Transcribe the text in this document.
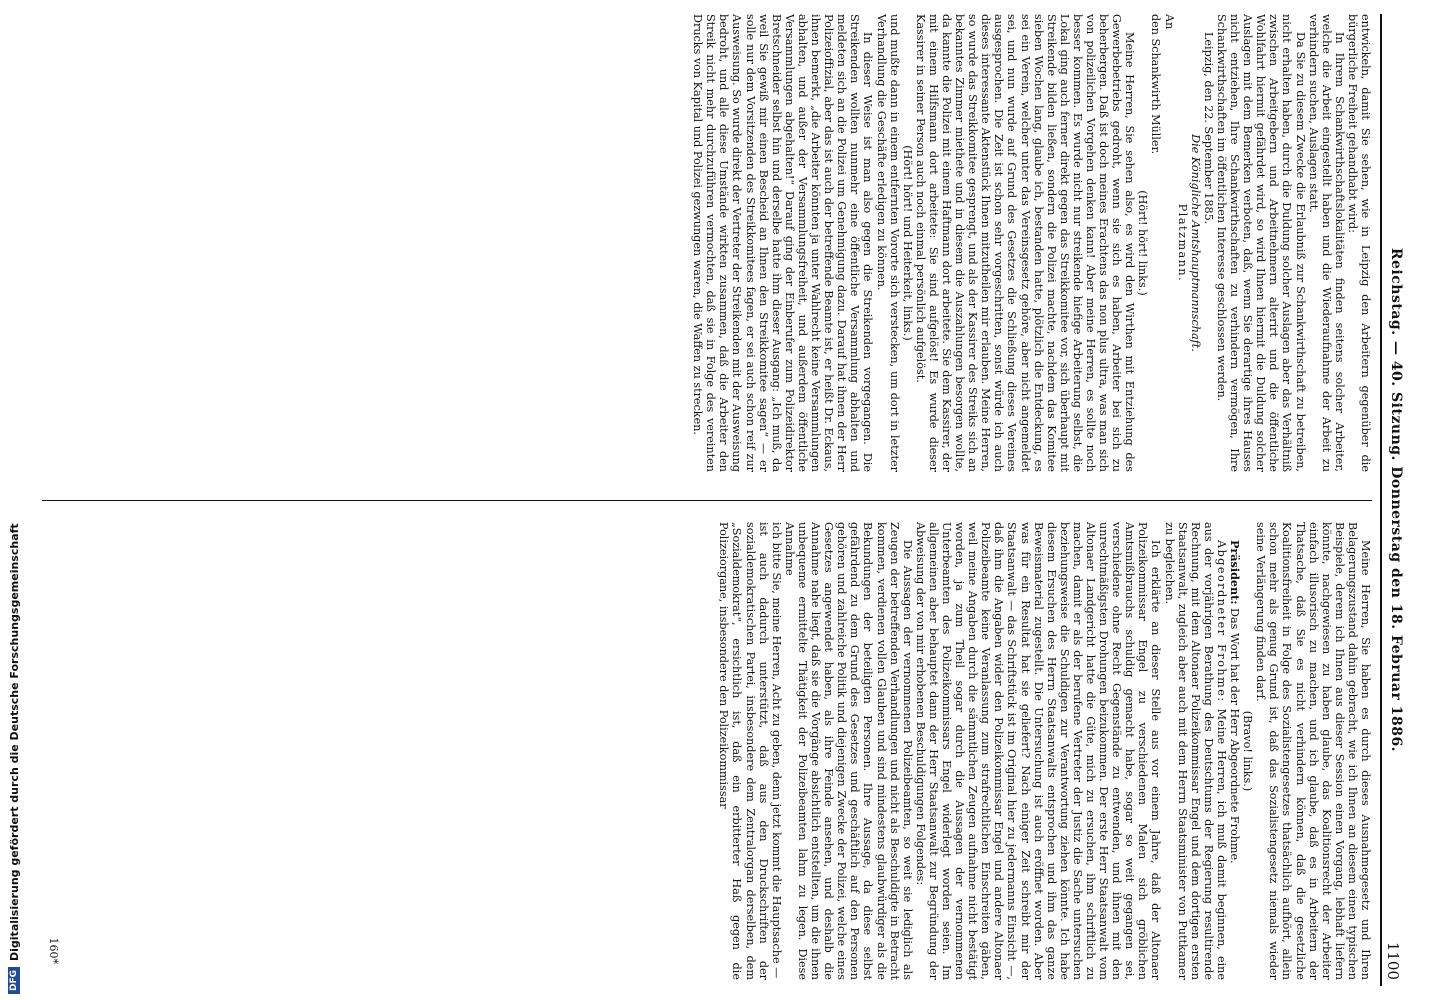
Reichstag. — 40. Sitzung. Donnerstag den 18. Februar 1886.
1100

entwickeln, damit Sie sehen, wie in Leipzig den Arbeitern gegenüber die bürgerliche Freiheit gehandhabt wird:

In Ihrem Schankwirthschaftslokalitäten finden seitens solcher Arbeiter, welche die Arbeit eingestellt haben und die Wiederaufnahme der Arbeit zu verhindern suchen, Auslagen statt.

Da Sie zu diesem Zwecke die Erlaubniß zur Schankwirthschaft zu betreiben, nicht erhalten haben, durch die Duldung solcher Auslagen aber das Verhältniß zwischen Arbeitgebern und Arbeitnehmern alterirt und die öffentliche Wohlfahrt hiermit gefährdet wird, so wird Ihnen hiermit die Duldung solcher Auslagen mit dem Bemerken verboten, daß, wenn Sie derartige ihres Hauses nicht entziehen, Ihre Schankwirthschaften zu verhindern vermögen, Ihre Schankwirthschaften im öffentlichen Interesse geschlossen werden.

Leipzig, den 22. September 1885.

Die Königliche Amtshauptmannschaft.

Platzmann.

An

den Schankwirth Müller.

(Hört! hört! links.)

Meine Herren, Sie sehen also, es wird den Wirthen mit Entziehung des Gewerbebetriebs gedroht, wenn sie sich es haben, Arbeiter bei sich zu beherbergen. Daß ist doch meines Erachtens das non plus ultra, was man sich von polizeilichen Vorgehen denken kann! Aber meine Herren, es sollte noch besser kommen. Es wurde nicht nur streikende hiefige Arbeiterung selbst, die Lokal ging auch ferner direkt gegen das Streikkomitee vor, sich überhaupt mit Streikende bilden ließen, sondern die Polizei machte, nachdem das Komitee sieben Wochen lang, glaube ich, bestanden hatte, plötzlich die Entdeckung, es sei ein Verein, welcher unter das Vereinsgesetz gehöre, aber nicht angemeldet sei, und nun wurde auf Grund des Gesetzes die Schließung dieses Vereines ausgesprochen. Die Zeit ist schon sehr vorgeschritten, sonst würde ich auch dieses interessante Aktenstück Ihnen mitzutheilen mir erlauben. Meine Herren, so wurde das Streikkomitee gesprengt, und als der Kassirer des Streiks sich an bekanntes Zimmer miethete und in diesem die Auszahlungen besorgen wollte, da kannte die Polizei mit einem Haftmann dort arbeitete. Sie dem Kassirer, der mit einem Hilfsmann dort arbeitete: Sie sind aufgelöst! Es wurde dieser Kassirer in seiner Person auch noch einmal persönlich aufgelöst.

(Hört! hört! und Heiterkeit, links.)

und mußte dann in einem entfernten Vororte sich verstecken, um dort in letzter Verhandlung die Geschäfte erledigen zu können.

In dieser Weise ist man also gegen die Streikenden vorgegangen. Die Streikenden wollten nunmehr eine öffentliche Versammlung abhalten und meldeten sich an die Polizei um Genehmigung dazu. Darauf hat ihnen der Herr Polizeioffizial, aber das ist auch der betreffende Beamte ist, er heißt Dr. Eckaus, ihnen bemerkt, „die Arbeiter könnten ja unter Wahlrecht keine Versammlungen abhalten, und außer der Versammlungsfreiheit, und außerdem öffentliche Versammlungen abgehalten!“ Darauf ging der Einberufer zum Polizeidirektor Bretschneider selbst hin und derselbe hatte ihm dieser Ausgang: „Ich muß, da weil Sie gewiß mir einen Bescheid an Ihnen den Streikkomitee sagen“ — er solle nur dem Vorsitzenden des Streikkomitees fagen, er sei auch schon reif zur Ausweisung. So wurde direkt der Vertreter der Streikenden mit der Ausweisung bedroht, und alle diese Umstände wirkten zusammen, daß die Arbeiter den Streik nicht mehr durchzuführen vermochten, daß sie in Folge des vereinten Drucks von Kapital und Polizei gezwungen waren, die Waffen zu strecken.

Meine Herren, Sie haben es durch dieses Ausnahmegesetz und Ihren Belagerungszustand dahin gebracht, wie ich Ihnen an diesem einen typischen Beispiele, derem ich Ihnen aus dieser Session einen Vorgang, lebhaft liefern könnte, nachgewiesen zu haben glaube, das Koalitionsrecht der Arbeiter einfach illusorisch zu machen, und ich glaube, daß es in Arbeitern der Thatsache, daß Sie es nicht verhindern können, daß die gesetzliche Koalitionsfreiheit in Folge des Sozialistengesetzes thatsächlich aufhört, allein schon mehr als genug Grund ist, daß das Sozialistengesetz niemals wieder seine Verlängerung finden darf.

(Bravo! links.)

Präsident: Das Wort hat der Herr Abgeordnete Frohme.

Abgeordneter Frohme: Meine Herren, ich muß damit beginnen, eine aus der vorjährigen Berathung des Deutschtums der Regierung resultirende Rechnung, mit dem Altonaer Polizeikommissar Engel und dem dortigen ersten Staatsanwalt, zugleich aber auch mit dem Herrn Staatsminister von Puttkamer zu begleichen.

Ich erklärte an dieser Stelle aus vor einem Jahre, daß der Altonaer Polizeikommissar Engel zu verschiedenen Malen sich gröblichen Amtsmißbrauchs schuldig gemacht habe, sogar so weit gegangen sei, verschiedene ohne Recht Gegenstände zu entwenden, und ihnen mit den unrechtmäßigsten Drohungen beizukommen. Der erste Herr Staatsanwalt vom Altonaer Landgericht hatte die Güte, mich zu ersuchen, ihm schriftlich zu machen, damit er als der berufene Vertreter der Justiz die Sache untersuchen beziehungsweise die Schuldigen zur Verantwortung ziehen könnte. Ich habe diesem Ersuchen des Herrn Staatsanwalts entsprochen und ihm das ganze Beweismaterial zugestellt. Die Untersuchung ist auch eröffnet worden. Aber was für ein Resultat hat sie geliefert? Nach einiger Zeit schreibt mir der Staatsanwalt — das Schriftstück ist im Original hier zu jedermanns Einsicht —, daß ihm die Angaben wider den Polizeikommissar Engel und andere Altonaer Polizeibeamte keine Veranlassung zum strafrechtlichen Einschreiten gäben, weil meine Angaben durch die sämmtlichen Zeugen aufnahme nicht bestätigt worden, ja zum Theil sogar durch die Aussagen der vernommenen Unterbeamten des Polizeikommissars Engel widerlegt worden seien. Im allgemeinen aber behauptet dann der Herr Staatsanwalt zur Begründung der Abweisung der von mir erhobenen Beschuldigungen Folgendes:

Die Aussagen der vernommenen Polizeibeamten, so weit sie lediglich als Zeugen der betreffenden Verhandlungen und nicht als Beschuldigte in Betracht kommen, verdienen vollen Glauben und sind mindestens glaubwürdiger als die Bekundungen der beteiligten Personen. Ihre Aussage, da diese selbst gefährdend zu dem Grund des Gesetzes und geschäftlich auf den Personen gehören und zahlreiche Politik und diejenigen Zwecke der Polizei, welche eines Gesetzes angewendet haben, als ihre Feinde ansehen, und deshalb die Annahme nahe liegt, daß sie die Vorgänge absichtlich entstellten, um die ihnen unbequeme ermittelte Thätigkeit der Polizeibeamten lahm zu legen. Diese Annahme

ich bitte Sie, meine Herren, Acht zu geben, denn jetzt kommt die Hauptsache —

ist auch dadurch unterstützt, daß aus den Druckschriften der sozialdemokratischen Partei, insbesondere dem Zentralorgan derselben, dem „Sozialdemokrat“, ersichtlich ist, daß ein erbitterter Haß gegen die Polizeiorgane, insbesondere den Polizeikommissar

160*
DFG
Digitalisierung gefördert durch die Deutsche Forschungsgemeinschaft
